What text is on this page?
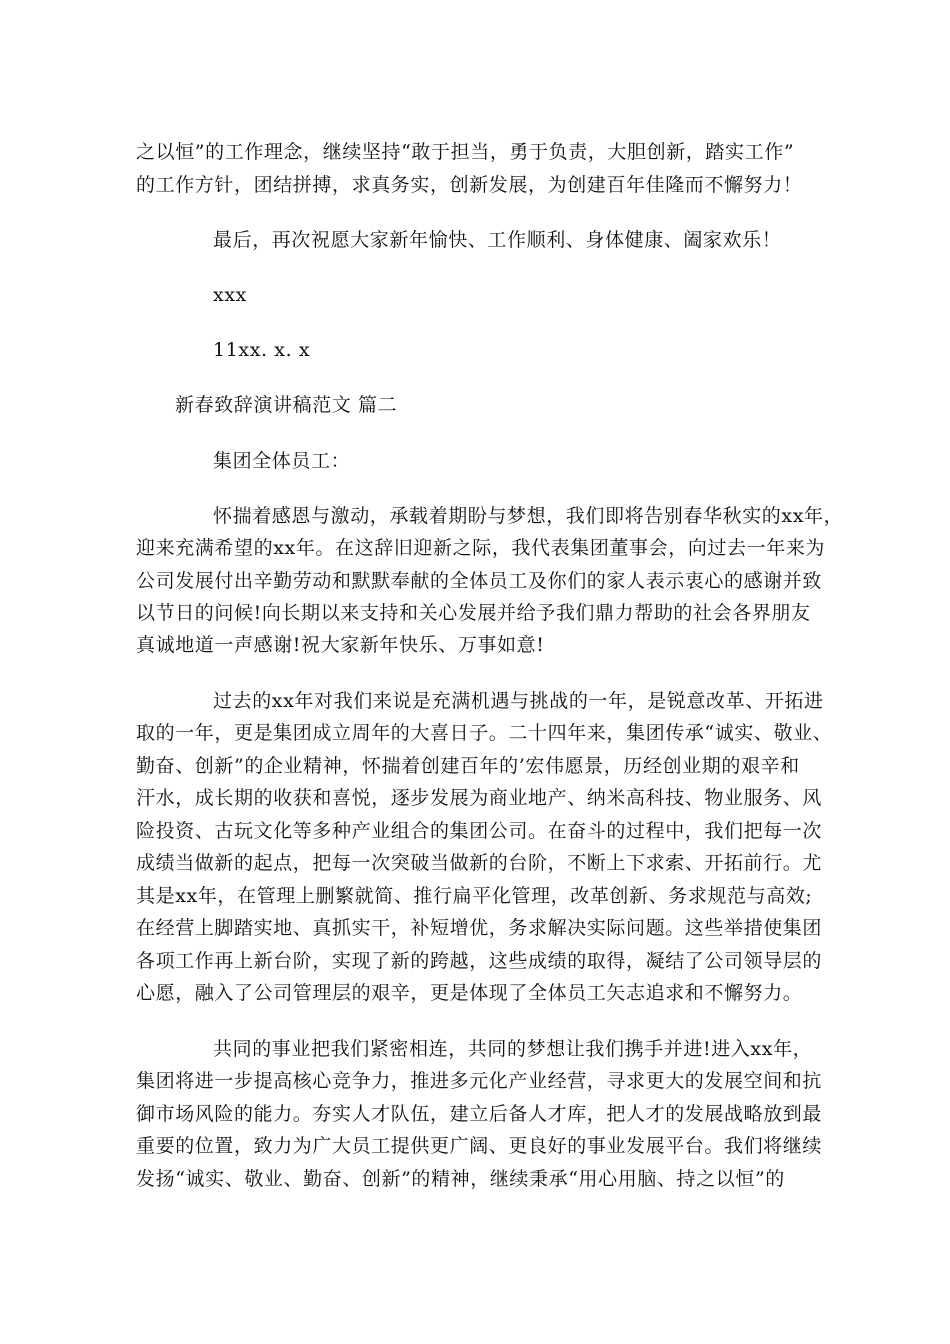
之以恒”的工作理念，继续坚持“敢于担当，勇于负责，大胆创新，踏实工作”
的工作方针，团结拼搏，求真务实，创新发展，为创建百年佳隆而不懈努力！
最后，再次祝愿大家新年愉快、工作顺利、身体健康、阖家欢乐！
xxx
11xx. x. x
新春致辞演讲稿范文 篇二
集团全体员工：
怀揣着感恩与激动，承载着期盼与梦想，我们即将告别春华秋实的xx年，
迎来充满希望的xx年。在这辞旧迎新之际，我代表集团董事会，向过去一年来为
公司发展付出辛勤劳动和默默奉献的全体员工及你们的家人表示衷心的感谢并致
以节日的问候!向长期以来支持和关心发展并给予我们鼎力帮助的社会各界朋友
真诚地道一声感谢!祝大家新年快乐、万事如意!
过去的xx年对我们来说是充满机遇与挑战的一年，是锐意改革、开拓进
取的一年，更是集团成立周年的大喜日子。二十四年来，集团传承“诚实、敬业、
勤奋、创新”的企业精神，怀揣着创建百年的’宏伟愿景，历经创业期的艰辛和
汗水，成长期的收获和喜悦，逐步发展为商业地产、纳米高科技、物业服务、风
险投资、古玩文化等多种产业组合的集团公司。在奋斗的过程中，我们把每一次
成绩当做新的起点，把每一次突破当做新的台阶，不断上下求索、开拓前行。尤
其是xx年，在管理上删繁就简、推行扁平化管理，改革创新、务求规范与高效;
在经营上脚踏实地、真抓实干，补短增优，务求解决实际问题。这些举措使集团
各项工作再上新台阶，实现了新的跨越，这些成绩的取得，凝结了公司领导层的
心愿，融入了公司管理层的艰辛，更是体现了全体员工矢志追求和不懈努力。
共同的事业把我们紧密相连，共同的梦想让我们携手并进!进入xx年，
集团将进一步提高核心竞争力，推进多元化产业经营，寻求更大的发展空间和抗
御市场风险的能力。夯实人才队伍，建立后备人才库，把人才的发展战略放到最
重要的位置，致力为广大员工提供更广阔、更良好的事业发展平台。我们将继续
发扬“诚实、敬业、勤奋、创新”的精神，继续秉承“用心用脑、持之以恒”的
